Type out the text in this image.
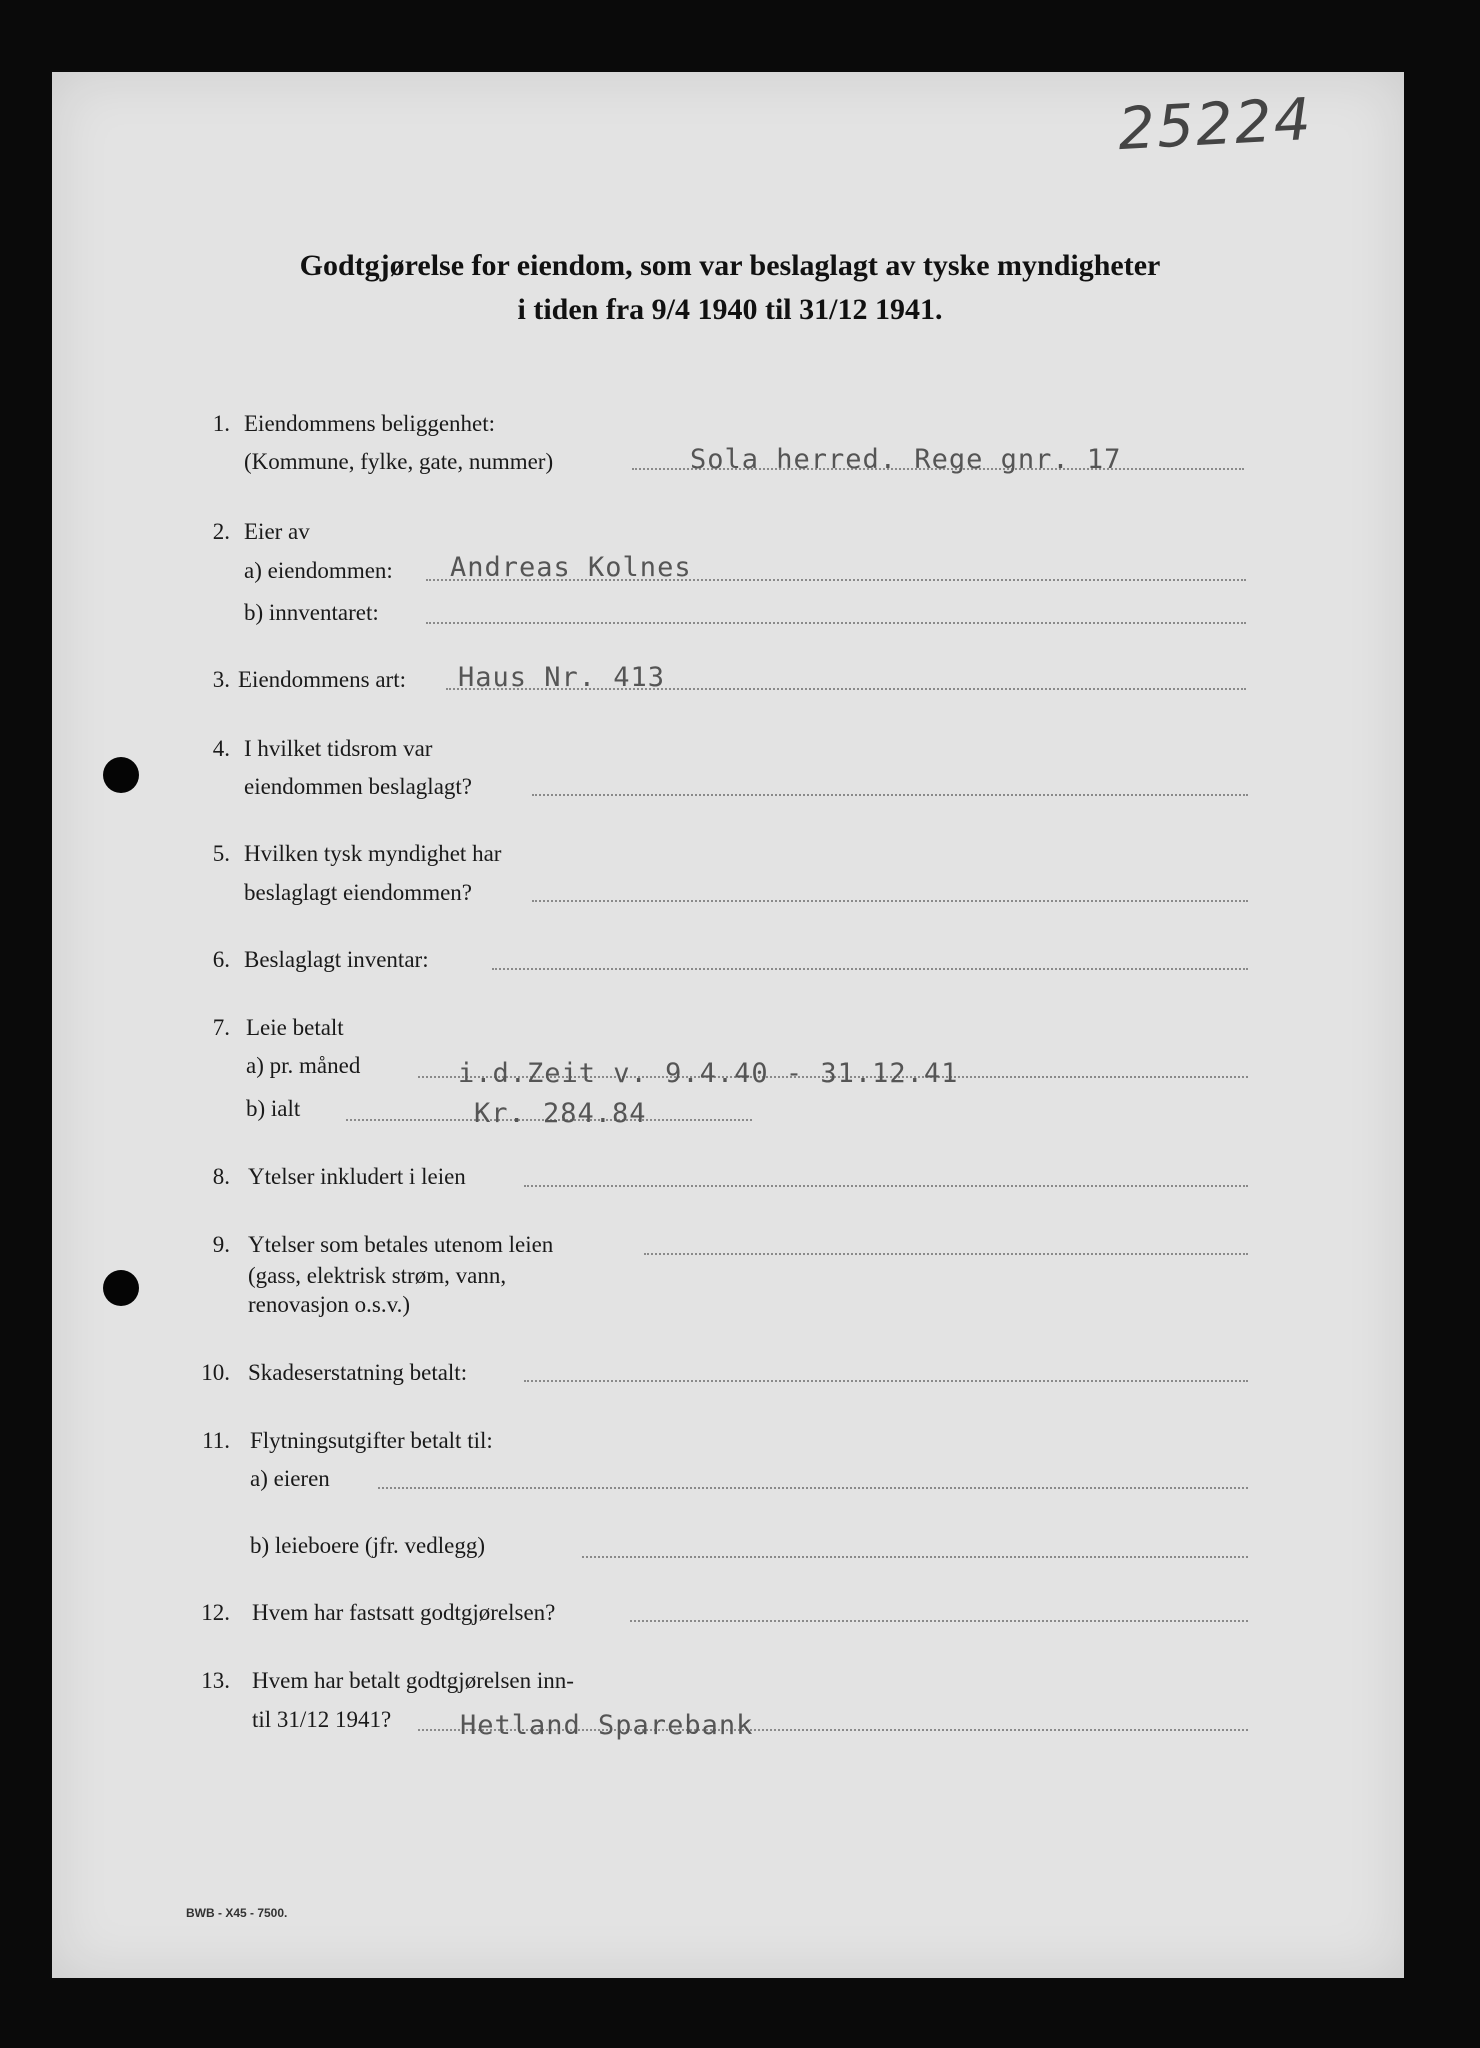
25224
Godtgjørelse for eiendom, som var beslaglagt av tyske myndigheter
i tiden fra 9/4 1940 til 31/12 1941.
1. Eiendommens beliggenhet:
(Kommune, fylke, gate, nummer)	Sola herred. Rege gnr. 17
2. Eier av
a) eiendommen: Andreas Kolnes
b) innventaret:
3. Eiendommens art: Haus Nr. 413
4. I hvilket tidsrom var
eiendommen beslaglagt?
5. Hvilken tysk myndighet har
beslaglagt eiendommen?
6. Beslaglagt inventar:
7. Leie betalt
a) pr. måned	i.d.Zeit v. 9.4.40 - 31.12.41
b) ialt	Kr. 284.84
8. Ytelser inkludert i leien
9. Ytelser som betales utenom leien
(gass, elektrisk strøm, vann,
renovasjon o.s.v.)
10. Skadeserstatning betalt:
11. Flytningsutgifter betalt til:
a) eieren
b) leieboere (jfr. vedlegg)
12. Hvem har fastsatt godtgjørelsen?
13. Hvem har betalt godtgjørelsen inn-
til 31/12 1941?	Hetland Sparebank
BWB - X45 - 7500.
